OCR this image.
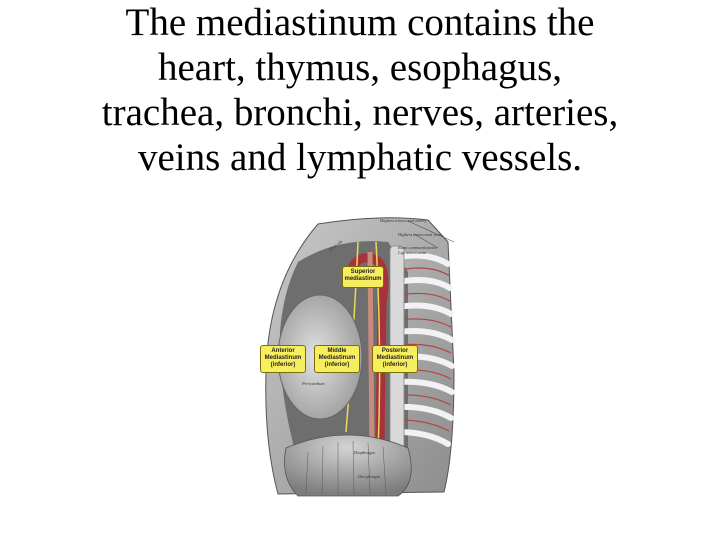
The mediastinum contains the
heart, thymus, esophagus,
trachea, bronchi, nerves, arteries,
veins and lymphatic vessels.
Superior
mediastinum
Anterior
Mediastinum
(inferior)
Middle
Mediastinum
(inferior)
Posterior
Mediastinum
(inferior)
Highest intercostal artery
Highest intercostal vein
Rami communicantes
Lig. arteriosum
Pericardium
Diaphragm
Dia phragm
First rib
